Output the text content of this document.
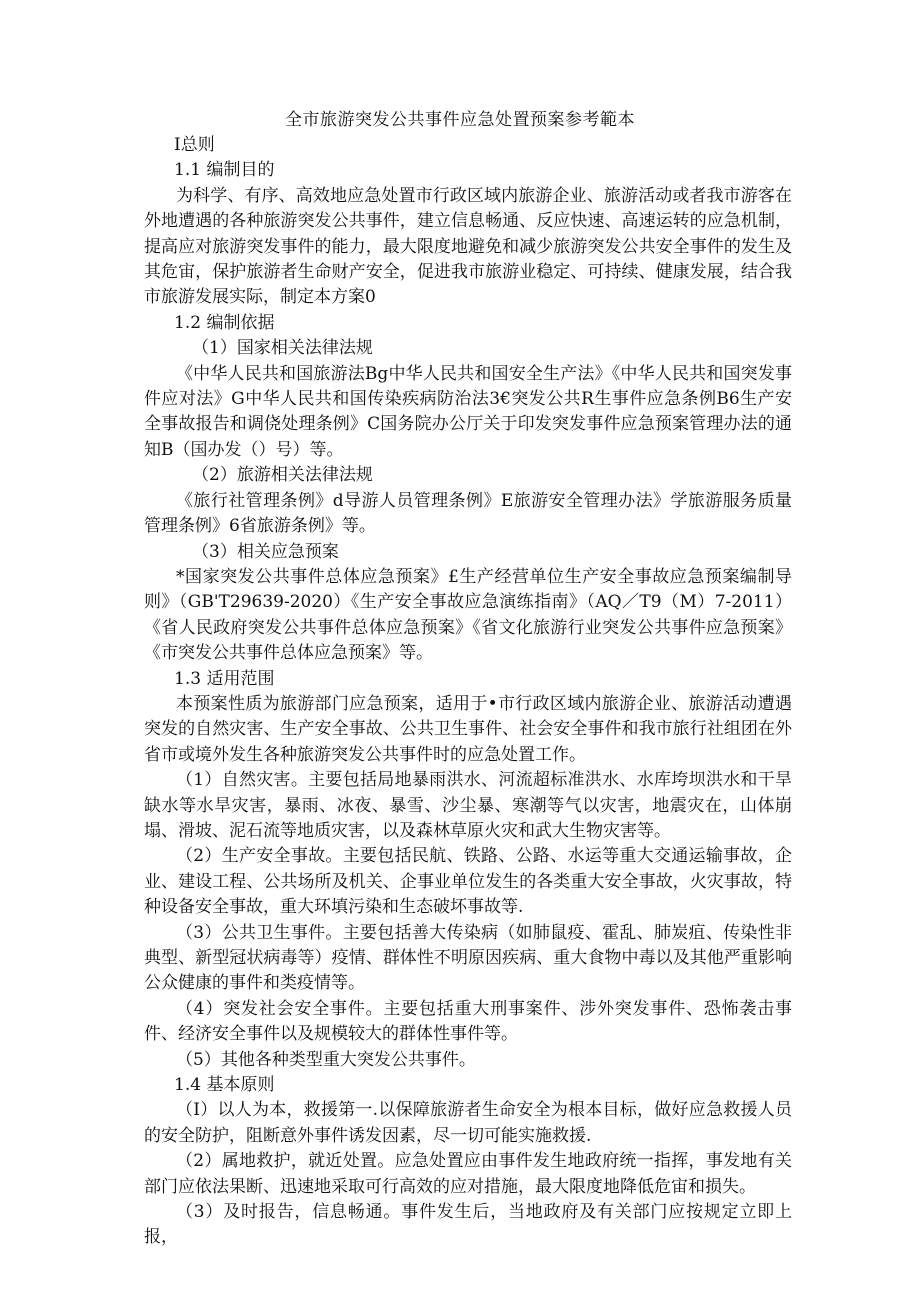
全市旅游突发公共事件应急处置预案参考範本

I总则

1.1 编制目的

为科学、有序、高效地应急处置市行政区域内旅游企业、旅游活动或者我市游客在外地遭遇的各种旅游突发公共事件，建立信息畅通、反应快速、高速运转的应急机制，提高应对旅游突发事件的能力，最大限度地避免和减少旅游突发公共安全事件的发生及其危宙，保护旅游者生命财产安全，促进我市旅游业稳定、可持续、健康发展，结合我市旅游发展实际，制定本方案0

1.2 编制依据

（1）国家相关法律法规

《中华人民共和国旅游法Bg中华人民共和国安全生产法》《中华人民共和国突发事件应对法》G中华人民共和国传染疾病防治法3€突发公共R生事件应急条例B6生产安全事故报告和调侥处理条例》C国务院办公厅关于印发突发事件应急预案管理办法的通知B（国办发（）号）等。

（2）旅游相关法律法规

《旅行社管理条例》d导游人员管理条例》E旅游安全管理办法》学旅游服务质量管理条例》6省旅游条例》等。

（3）相关应急预案

*国家突发公共事件总体应急预案》£生产经营单位生产安全事故应急预案编制导则》（GB'T29639-2020）《生产安全事故应急演练指南》（AQ／T9（M）7-2011）《省人民政府突发公共事件总体应急预案》《省文化旅游行业突发公共事件应急预案》《市突发公共事件总体应急预案》等。

1.3 适用范围

本预案性质为旅游部门应急预案，适用于•市行政区域内旅游企业、旅游活动遭遇突发的自然灾害、生产安全事故、公共卫生事件、社会安全事件和我市旅行社组团在外省市或境外发生各种旅游突发公共事件时的应急处置工作。

（1）自然灾害。主要包括局地暴雨洪水、河流超标准洪水、水库垮坝洪水和干旱缺水等水旱灾害，暴雨、冰夜、暴雪、沙尘暴、寒潮等气以灾害，地震灾在，山体崩塌、滑坡、泥石流等地质灾害，以及森林草原火灾和武大生物灾害等。

（2）生产安全事故。主要包括民航、铁路、公路、水运等重大交通运输事故，企业、建设工程、公共场所及机关、企事业单位发生的各类重大安全事故，火灾事故，特种设备安全事故，重大环填污染和生态破坏事故等.

（3）公共卫生事件。主要包括善大传染病（如肺鼠疫、霍乱、肺炭疽、传染性非典型、新型冠状病毒等）疫情、群体性不明原因疾病、重大食物中毒以及其他严重影响公众健康的事件和类疫情等。

（4）突发社会安全事件。主要包括重大刑事案件、涉外突发事件、恐怖袭击事件、经济安全事件以及规模较大的群体性事件等。

（5）其他各种类型重大突发公共事件。

1.4 基本原则

（I）以人为本，救援第一.以保障旅游者生命安全为根本目标，做好应急救援人员的安全防护，阻断意外事件诱发因素，尽一切可能实施救援.

（2）属地救护，就近处置。应急处置应由事件发生地政府统一指挥，事发地有关部门应依法果断、迅速地采取可行高效的应对措施，最大限度地降低危宙和损失。

（3）及时报告，信息畅通。事件发生后，当地政府及有关部门应按规定立即上报，
